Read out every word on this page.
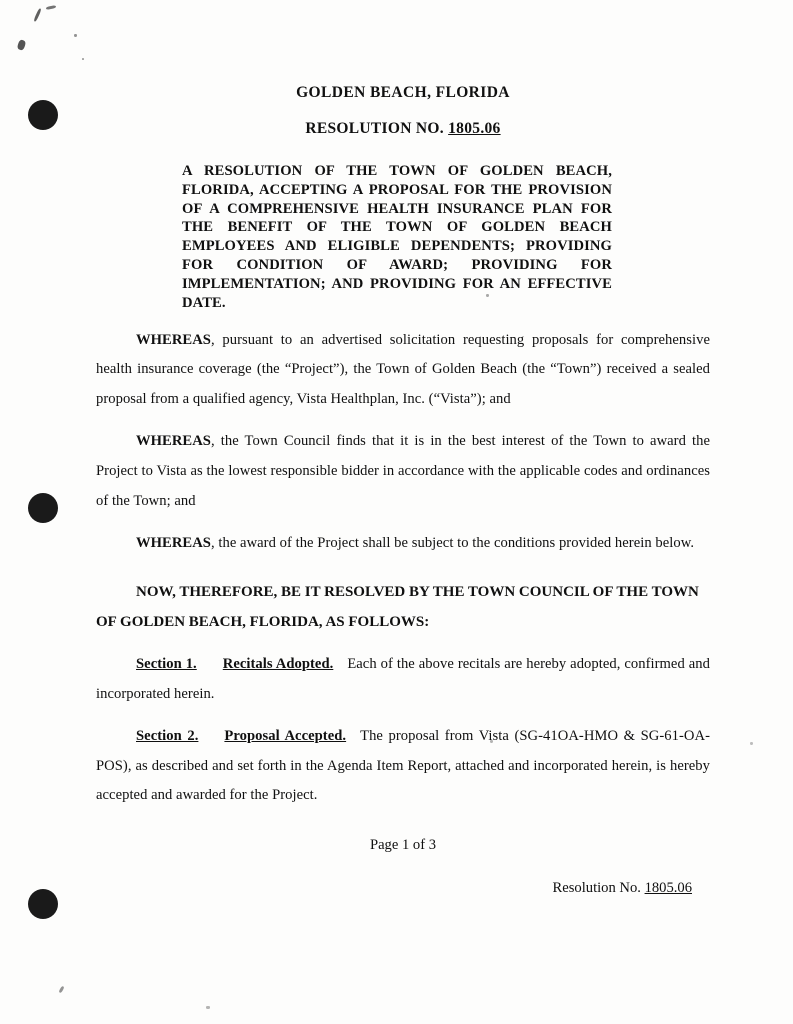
GOLDEN BEACH, FLORIDA
RESOLUTION NO. 1805.06
A RESOLUTION OF THE TOWN OF GOLDEN BEACH, FLORIDA, ACCEPTING A PROPOSAL FOR THE PROVISION OF A COMPREHENSIVE HEALTH INSURANCE PLAN FOR THE BENEFIT OF THE TOWN OF GOLDEN BEACH EMPLOYEES AND ELIGIBLE DEPENDENTS; PROVIDING FOR CONDITION OF AWARD; PROVIDING FOR IMPLEMENTATION; AND PROVIDING FOR AN EFFECTIVE DATE.

WHEREAS, pursuant to an advertised solicitation requesting proposals for comprehensive health insurance coverage (the “Project”), the Town of Golden Beach (the “Town”) received a sealed proposal from a qualified agency, Vista Healthplan, Inc. (“Vista”); and

WHEREAS, the Town Council finds that it is in the best interest of the Town to award the Project to Vista as the lowest responsible bidder in accordance with the applicable codes and ordinances of the Town; and

WHEREAS, the award of the Project shall be subject to the conditions provided herein below.

NOW, THEREFORE, BE IT RESOLVED BY THE TOWN COUNCIL OF THE TOWN OF GOLDEN BEACH, FLORIDA, AS FOLLOWS:

Section 1. Recitals Adopted. Each of the above recitals are hereby adopted, confirmed and incorporated herein.

Section 2. Proposal Accepted. The proposal from Vista (SG-41OA-HMO & SG-61-OA-POS), as described and set forth in the Agenda Item Report, attached and incorporated herein, is hereby accepted and awarded for the Project.

Page 1 of 3
Resolution No. 1805.06
